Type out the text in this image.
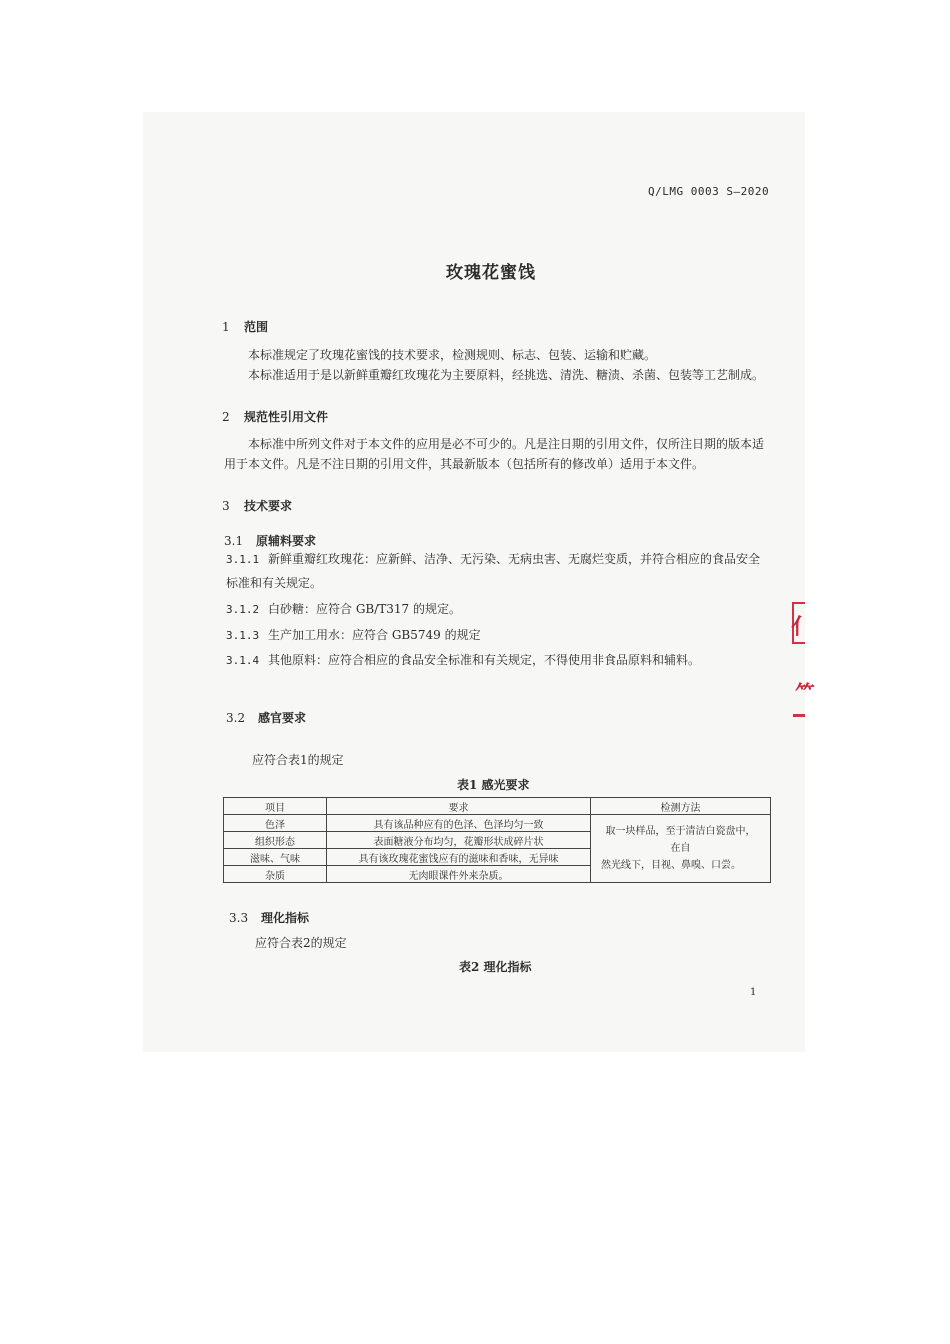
Q/LMG 0003 S—2020
玫瑰花蜜饯
1 范围
本标准规定了玫瑰花蜜饯的技术要求，检测规则、标志、包装、运输和贮藏。
本标准适用于是以新鲜重瓣红玫瑰花为主要原料，经挑选、清洗、糖渍、杀菌、包装等工艺制成。
2 规范性引用文件
本标准中所列文件对于本文件的应用是必不可少的。凡是注日期的引用文件，仅所注日期的版本适
用于本文件。凡是不注日期的引用文件，其最新版本（包括所有的修改单）适用于本文件。
3 技术要求
3.1 原辅料要求
3.1.1 新鲜重瓣红玫瑰花：应新鲜、洁净、无污染、无病虫害、无腐烂变质，并符合相应的食品安全
标准和有关规定。
3.1.2 白砂糖：应符合 GB/T317 的规定。
3.1.3 生产加工用水：应符合 GB5749 的规定
3.1.4 其他原料：应符合相应的食品安全标准和有关规定，不得使用非食品原料和辅料。
3.2 感官要求
应符合表1的规定
表1 感光要求
项目	要求	检测方法
色泽	具有该品种应有的色泽、色泽均匀一致	取一块样品，至于清洁白瓷盘中，在自
然光线下，目视、鼻嗅、口尝。

组织形态	表面糖液分布均匀，花瓣形状成碎片状	
滋味、气味	具有该玫瑰花蜜饯应有的滋味和香味，无异味	
杂质	无肉眼课件外来杂质。	
3.3 理化指标
应符合表2的规定
表2 理化指标
1
⺅
⺮
